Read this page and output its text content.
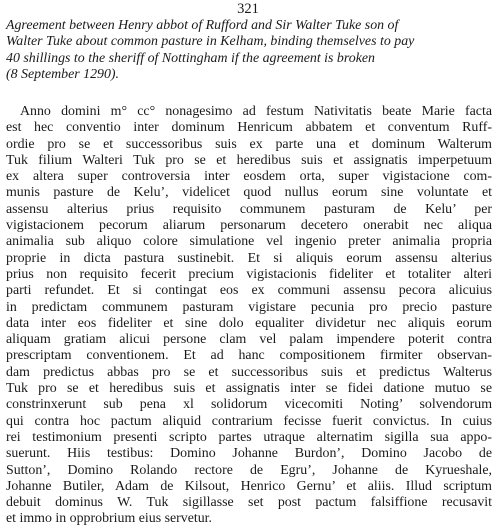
321
Agreement between Henry abbot of Rufford and Sir Walter Tuke son of
Walter Tuke about common pasture in Kelham, binding themselves to pay
40 shillings to the sheriff of Nottingham if the agreement is broken
(8 September 1290).
Anno domini m° cc° nonagesimo ad festum Nativitatis beate Marie facta
est hec conventio inter dominum Henricum abbatem et conventum Ruff-
ordie pro se et successoribus suis ex parte una et dominum Walterum
Tuk filium Walteri Tuk pro se et heredibus suis et assignatis imperpetuum
ex altera super controversia inter eosdem orta, super vigistacione com-
munis pasture de Kelu’, videlicet quod nullus eorum sine voluntate et
assensu alterius prius requisito communem pasturam de Kelu’ per
vigistacionem pecorum aliarum personarum decetero onerabit nec aliqua
animalia sub aliquo colore simulatione vel ingenio preter animalia propria
proprie in dicta pastura sustinebit. Et si aliquis eorum assensu alterius
prius non requisito fecerit precium vigistacionis fideliter et totaliter alteri
parti refundet. Et si contingat eos ex communi assensu pecora alicuius
in predictam communem pasturam vigistare pecunia pro precio pasture
data inter eos fideliter et sine dolo equaliter dividetur nec aliquis eorum
aliquam gratiam alicui persone clam vel palam impendere poterit contra
prescriptam conventionem. Et ad hanc compositionem firmiter observan-
dam predictus abbas pro se et successoribus suis et predictus Walterus
Tuk pro se et heredibus suis et assignatis inter se fidei datione mutuo se
constrinxerunt sub pena xl solidorum vicecomiti Noting’ solvendorum
qui contra hoc pactum aliquid contrarium fecisse fuerit convictus. In cuius
rei testimonium presenti scripto partes utraque alternatim sigilla sua appo-
suerunt. Hiis testibus: Domino Johanne Burdon’, Domino Jacobo de
Sutton’, Domino Rolando rectore de Egru’, Johanne de Kyrueshale,
Johanne Butiler, Adam de Kilsout, Henrico Gernu’ et aliis. Illud scriptum
debuit dominus W. Tuk sigillasse set post pactum falsiffione recusavit
et immo in opprobrium eius servetur.
